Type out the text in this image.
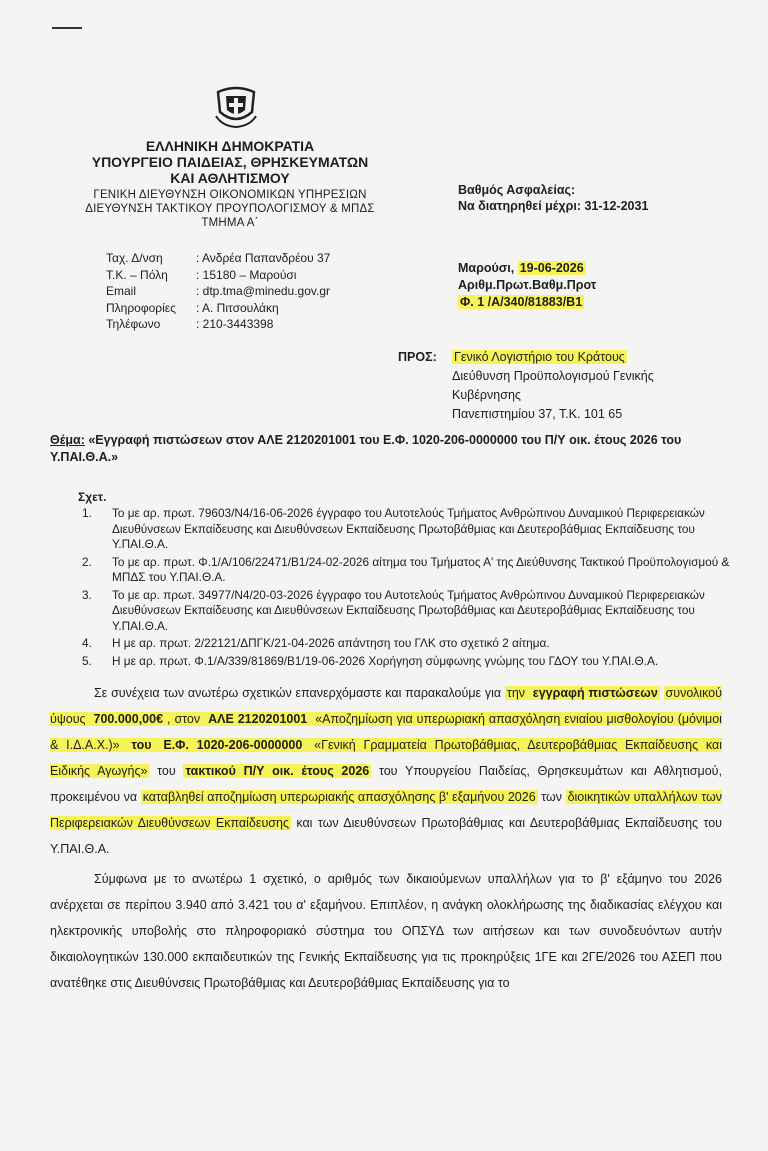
ΕΛΛΗΝΙΚΗ ΔΗΜΟΚΡΑΤΙΑ
ΥΠΟΥΡΓΕΙΟ ΠΑΙΔΕΙΑΣ, ΘΡΗΣΚΕΥΜΑΤΩΝ
ΚΑΙ ΑΘΛΗΤΙΣΜΟΥ
ΓΕΝΙΚΗ ΔΙΕΥΘΥΝΣΗ ΟΙΚΟΝΟΜΙΚΩΝ ΥΠΗΡΕΣΙΩΝ
ΔΙΕΥΘΥΝΣΗ ΤΑΚΤΙΚΟΥ ΠΡΟΥΠΟΛΟΓΙΣΜΟΥ & ΜΠΔΣ
ΤΜΗΜΑ Α΄
Ταχ. Δ/νση	: Ανδρέα Παπανδρέου 37
Τ.Κ. – Πόλη	: 15180 – Μαρούσι
Email	: dtp.tma@minedu.gov.gr
Πληροφορίες	: Α. Πιτσουλάκη
Τηλέφωνο	: 210-3443398
Βαθμός Ασφαλείας:
Να διατηρηθεί μέχρι: 31-12-2031
Μαρούσι, 19-06-2026
Αριθμ.Πρωτ.Βαθμ.Προτ
Φ. 1 /Α/340/81883/Β1
ΠΡΟΣ: Γενικό Λογιστήριο του Κράτους
Διεύθυνση Προϋπολογισμού Γενικής
Κυβέρνησης
Πανεπιστημίου 37, Τ.Κ. 101 65
Θέμα: «Εγγραφή πιστώσεων στον ΑΛΕ 2120201001 του Ε.Φ. 1020-206-0000000 του Π/Υ οικ. έτους 2026 του Υ.ΠΑΙ.Θ.Α.»
Σχετ.
1.	Το με αρ. πρωτ. 79603/Ν4/16-06-2026 έγγραφο του Αυτοτελούς Τμήματος Ανθρώπινου Δυναμικού Περιφερειακών Διευθύνσεων Εκπαίδευσης και Διευθύνσεων Εκπαίδευσης Πρωτοβάθμιας και Δευτεροβάθμιας Εκπαίδευσης του Υ.ΠΑΙ.Θ.Α.
2.	Το με αρ. πρωτ. Φ.1/Α/106/22471/Β1/24-02-2026 αίτημα του Τμήματος Α' της Διεύθυνσης Τακτικού Προϋπολογισμού & ΜΠΔΣ του Υ.ΠΑΙ.Θ.Α.
3.	Το με αρ. πρωτ. 34977/Ν4/20-03-2026 έγγραφο του Αυτοτελούς Τμήματος Ανθρώπινου Δυναμικού Περιφερειακών Διευθύνσεων Εκπαίδευσης και Διευθύνσεων Εκπαίδευσης Πρωτοβάθμιας και Δευτεροβάθμιας Εκπαίδευσης του Υ.ΠΑΙ.Θ.Α.
4.	Η με αρ. πρωτ. 2/22121/ΔΠΓΚ/21-04-2026 απάντηση του ΓΛΚ στο σχετικό 2 αίτημα.
5.	Η με αρ. πρωτ. Φ.1/Α/339/81869/Β1/19-06-2026 Χορήγηση σύμφωνης γνώμης του ΓΔΟΥ του Υ.ΠΑΙ.Θ.Α.
Σε συνέχεια των ανωτέρω σχετικών επανερχόμαστε και παρακαλούμε για την εγγραφή πιστώσεων συνολικού ύψους 700.000,00€ , στον ΑΛΕ 2120201001 «Αποζημίωση για υπερωριακή απασχόληση ενιαίου μισθολογίου (μόνιμοι & Ι.Δ.Α.Χ.)» του Ε.Φ. 1020-206-0000000 «Γενική Γραμματεία Πρωτοβάθμιας, Δευτεροβάθμιας Εκπαίδευσης και Ειδικής Αγωγής» του τακτικού Π/Υ οικ. έτους 2026 του Υπουργείου Παιδείας, Θρησκευμάτων και Αθλητισμού, προκειμένου να καταβληθεί αποζημίωση υπερωριακής απασχόλησης β' εξαμήνου 2026 των διοικητικών υπαλλήλων των Περιφερειακών Διευθύνσεων Εκπαίδευσης και των Διευθύνσεων Πρωτοβάθμιας και Δευτεροβάθμιας Εκπαίδευσης του Υ.ΠΑΙ.Θ.Α.
Σύμφωνα με το ανωτέρω 1 σχετικό, ο αριθμός των δικαιούμενων υπαλλήλων για το β' εξάμηνο του 2026 ανέρχεται σε περίπου 3.940 από 3.421 του α' εξαμήνου. Επιπλέον, η ανάγκη ολοκλήρωσης της διαδικασίας ελέγχου και ηλεκτρονικής υποβολής στο πληροφοριακό σύστημα του ΟΠΣΥΔ των αιτήσεων και των συνοδευόντων αυτήν δικαιολογητικών 130.000 εκπαιδευτικών της Γενικής Εκπαίδευσης για τις προκηρύξεις 1ΓΕ και 2ΓΕ/2026 του ΑΣΕΠ που ανατέθηκε στις Διευθύνσεις Πρωτοβάθμιας και Δευτεροβάθμιας Εκπαίδευσης για το
